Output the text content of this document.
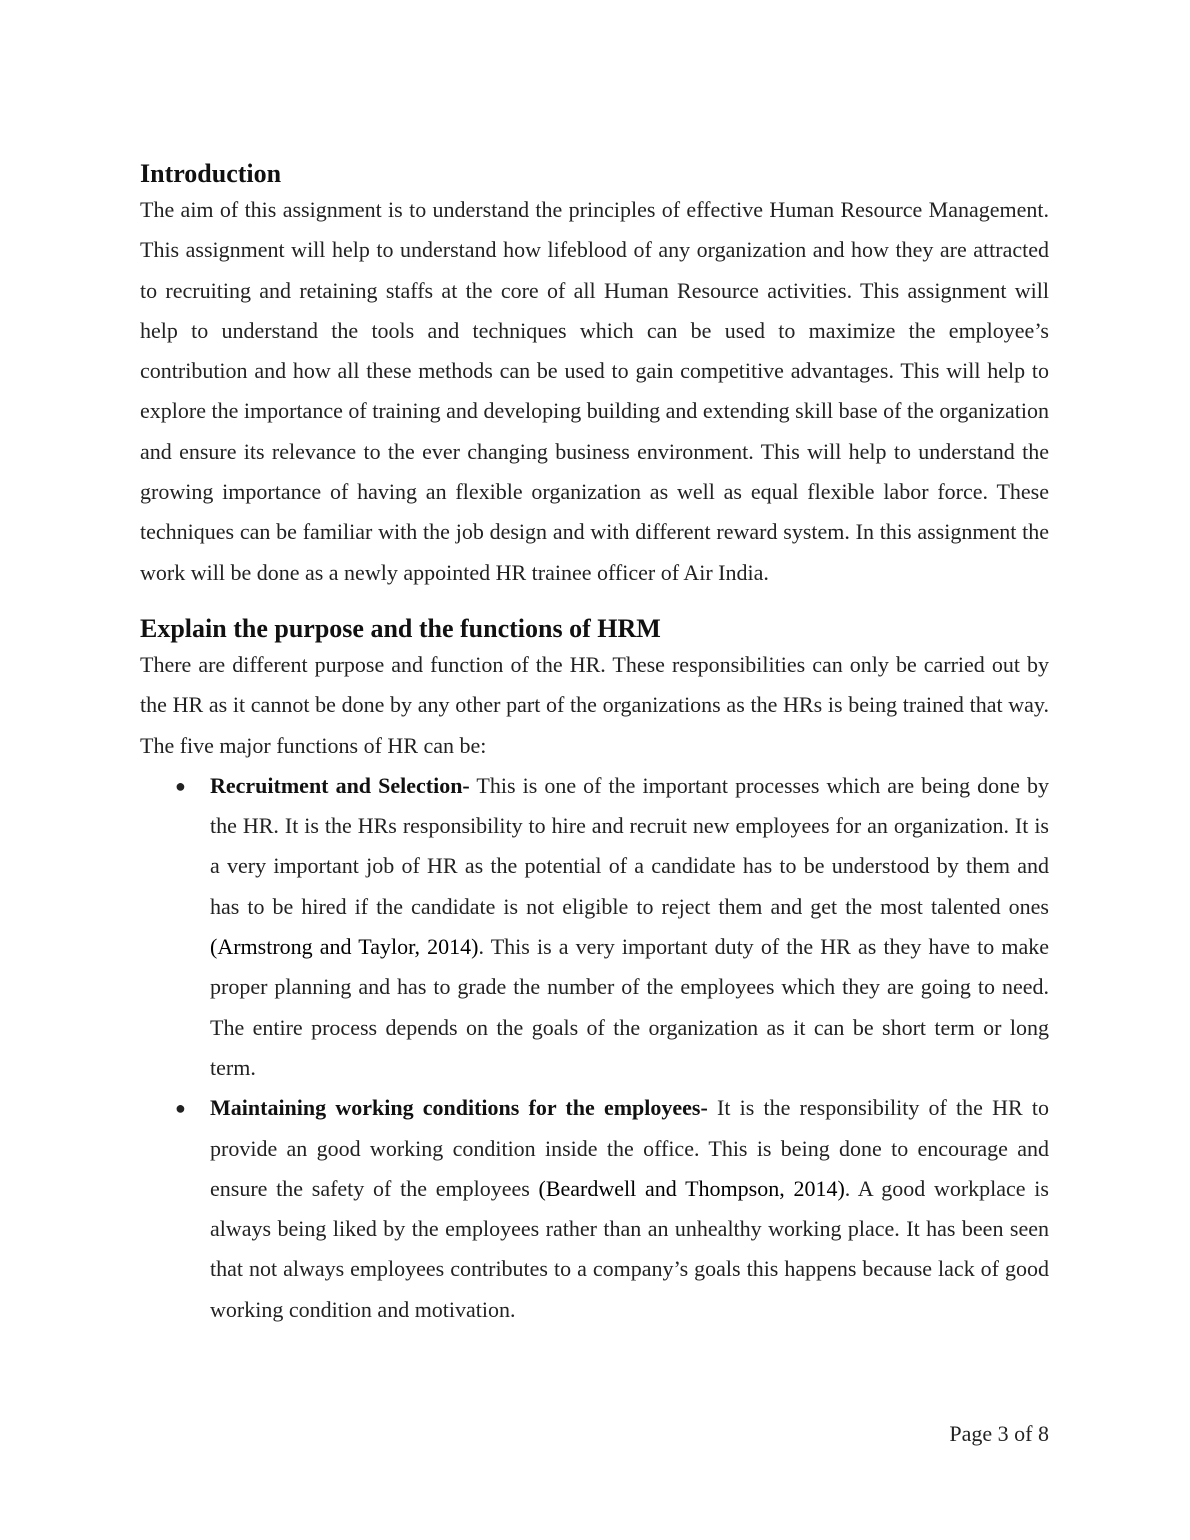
Introduction

The aim of this assignment is to understand the principles of effective Human Resource Management. This assignment will help to understand how lifeblood of any organization and how they are attracted to recruiting and retaining staffs at the core of all Human Resource activities. This assignment will help to understand the tools and techniques which can be used to maximize the employee’s contribution and how all these methods can be used to gain competitive advantages. This will help to explore the importance of training and developing building and extending skill base of the organization and ensure its relevance to the ever changing business environment. This will help to understand the growing importance of having an flexible organization as well as equal flexible labor force. These techniques can be familiar with the job design and with different reward system. In this assignment the work will be done as a newly appointed HR trainee officer of Air India.

Explain the purpose and the functions of HRM

There are different purpose and function of the HR. These responsibilities can only be carried out by the HR as it cannot be done by any other part of the organizations as the HRs is being trained that way. The five major functions of HR can be:

● Recruitment and Selection- This is one of the important processes which are being done by the HR. It is the HRs responsibility to hire and recruit new employees for an organization. It is a very important job of HR as the potential of a candidate has to be understood by them and has to be hired if the candidate is not eligible to reject them and get the most talented ones (Armstrong and Taylor, 2014). This is a very important duty of the HR as they have to make proper planning and has to grade the number of the employees which they are going to need. The entire process depends on the goals of the organization as it can be short term or long term.
● Maintaining working conditions for the employees- It is the responsibility of the HR to provide an good working condition inside the office. This is being done to encourage and ensure the safety of the employees (Beardwell and Thompson, 2014). A good workplace is always being liked by the employees rather than an unhealthy working place. It has been seen that not always employees contributes to a company’s goals this happens because lack of good working condition and motivation.
Page 3 of 8
